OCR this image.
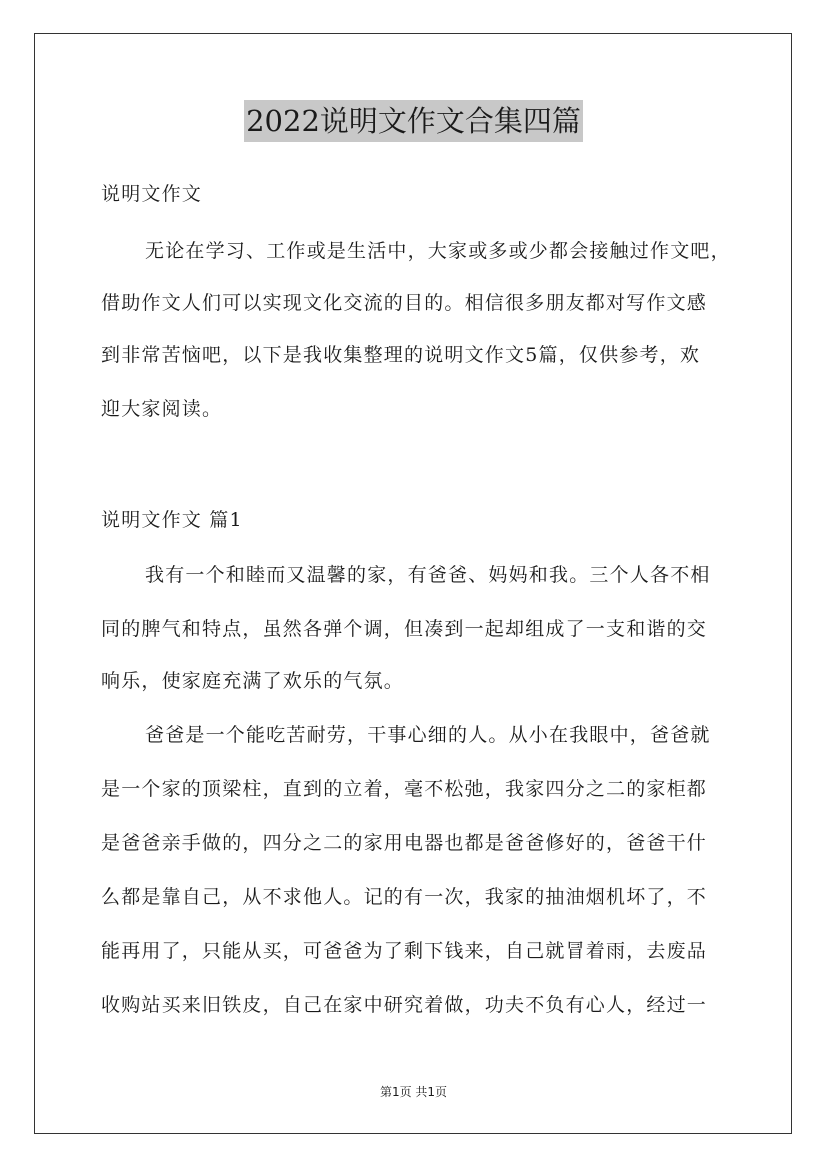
2022说明文作文合集四篇
说明文作文
无论在学习、工作或是生活中，大家或多或少都会接触过作文吧，
借助作文人们可以实现文化交流的目的。相信很多朋友都对写作文感
到非常苦恼吧，以下是我收集整理的说明文作文5篇，仅供参考，欢
迎大家阅读。
说明文作文 篇1
我有一个和睦而又温馨的家，有爸爸、妈妈和我。三个人各不相
同的脾气和特点，虽然各弹个调，但凑到一起却组成了一支和谐的交
响乐，使家庭充满了欢乐的气氛。
爸爸是一个能吃苦耐劳，干事心细的人。从小在我眼中，爸爸就
是一个家的顶梁柱，直到的立着，毫不松弛，我家四分之二的家柜都
是爸爸亲手做的，四分之二的家用电器也都是爸爸修好的，爸爸干什
么都是靠自己，从不求他人。记的有一次，我家的抽油烟机坏了，不
能再用了，只能从买，可爸爸为了剩下钱来，自己就冒着雨，去废品
收购站买来旧铁皮，自己在家中研究着做，功夫不负有心人，经过一
第1页 共1页
